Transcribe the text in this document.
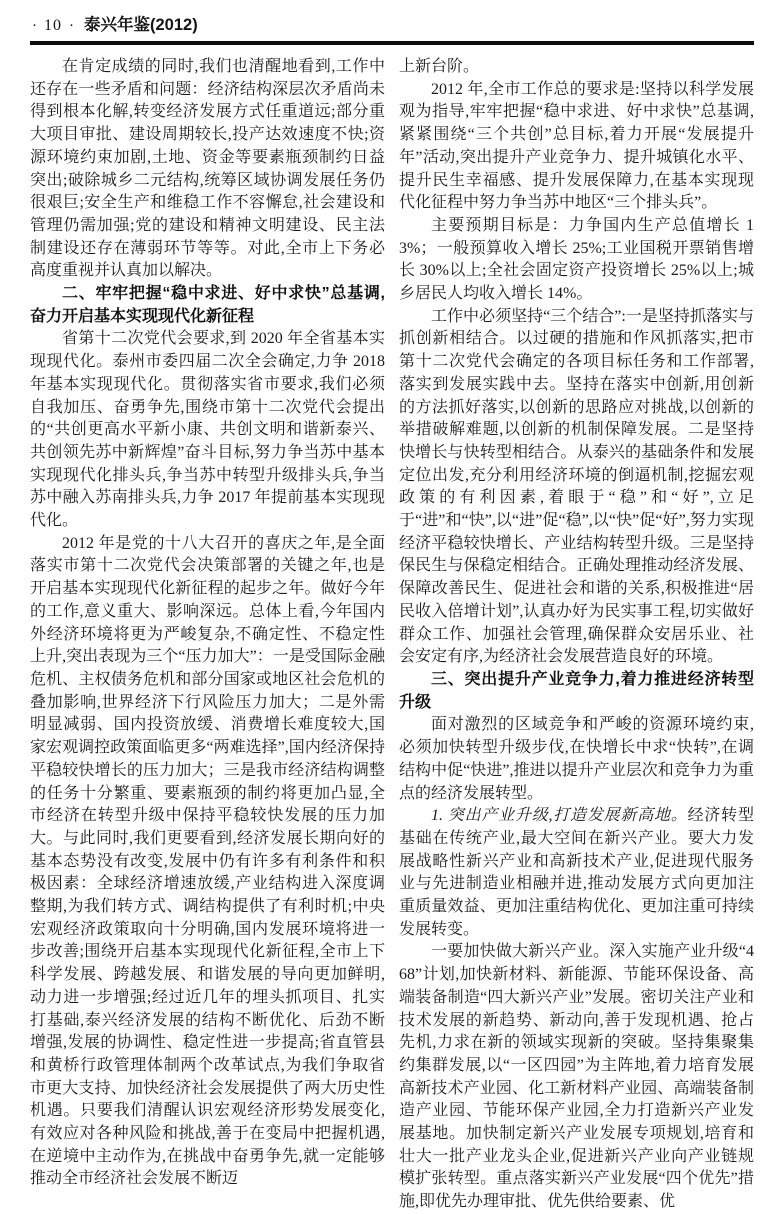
· 10 · 泰兴年鉴(2012)

在肯定成绩的同时,我们也清醒地看到,工作中还存在一些矛盾和问题：经济结构深层次矛盾尚未得到根本化解,转变经济发展方式任重道远;部分重大项目审批、建设周期较长,投产达效速度不快;资源环境约束加剧,土地、资金等要素瓶颈制约日益突出;破除城乡二元结构,统筹区域协调发展任务仍很艰巨;安全生产和维稳工作不容懈怠,社会建设和管理仍需加强;党的建设和精神文明建设、民主法制建设还存在薄弱环节等等。对此,全市上下务必高度重视并认真加以解决。

二、牢牢把握“稳中求进、好中求快”总基调,奋力开启基本实现现代化新征程

省第十二次党代会要求,到 2020 年全省基本实现现代化。泰州市委四届二次全会确定,力争 2018 年基本实现现代化。贯彻落实省市要求,我们必须自我加压、奋勇争先,围绕市第十二次党代会提出的“共创更高水平新小康、共创文明和谐新泰兴、共创领先苏中新辉煌”奋斗目标,努力争当苏中基本实现现代化排头兵,争当苏中转型升级排头兵,争当苏中融入苏南排头兵,力争 2017 年提前基本实现现代化。

2012 年是党的十八大召开的喜庆之年,是全面落实市第十二次党代会决策部署的关键之年,也是开启基本实现现代化新征程的起步之年。做好今年的工作,意义重大、影响深远。总体上看,今年国内外经济环境将更为严峻复杂,不确定性、不稳定性上升,突出表现为三个“压力加大”：一是受国际金融危机、主权债务危机和部分国家或地区社会危机的叠加影响,世界经济下行风险压力加大；二是外需明显减弱、国内投资放缓、消费增长难度较大,国家宏观调控政策面临更多“两难选择”,国内经济保持平稳较快增长的压力加大；三是我市经济结构调整的任务十分繁重、要素瓶颈的制约将更加凸显,全市经济在转型升级中保持平稳较快发展的压力加大。与此同时,我们更要看到,经济发展长期向好的基本态势没有改变,发展中仍有许多有利条件和积极因素：全球经济增速放缓,产业结构进入深度调整期,为我们转方式、调结构提供了有利时机;中央宏观经济政策取向十分明确,国内发展环境将进一步改善;围绕开启基本实现现代化新征程,全市上下科学发展、跨越发展、和谐发展的导向更加鲜明,动力进一步增强;经过近几年的埋头抓项目、扎实打基础,泰兴经济发展的结构不断优化、后劲不断增强,发展的协调性、稳定性进一步提高;省直管县和黄桥行政管理体制两个改革试点,为我们争取省市更大支持、加快经济社会发展提供了两大历史性机遇。只要我们清醒认识宏观经济形势发展变化,有效应对各种风险和挑战,善于在变局中把握机遇,在逆境中主动作为,在挑战中奋勇争先,就一定能够推动全市经济社会发展不断迈

上新台阶。

2012 年,全市工作总的要求是:坚持以科学发展观为指导,牢牢把握“稳中求进、好中求快”总基调,紧紧围绕“三个共创”总目标,着力开展“发展提升年”活动,突出提升产业竞争力、提升城镇化水平、提升民生幸福感、提升发展保障力,在基本实现现代化征程中努力争当苏中地区“三个排头兵”。

主要预期目标是：力争国内生产总值增长 13%；一般预算收入增长 25%;工业国税开票销售增长 30%以上;全社会固定资产投资增长 25%以上;城乡居民人均收入增长 14%。

工作中必须坚持“三个结合”:一是坚持抓落实与抓创新相结合。以过硬的措施和作风抓落实,把市第十二次党代会确定的各项目标任务和工作部署,落实到发展实践中去。坚持在落实中创新,用创新的方法抓好落实,以创新的思路应对挑战,以创新的举措破解难题,以创新的机制保障发展。二是坚持快增长与快转型相结合。从泰兴的基础条件和发展定位出发,充分利用经济环境的倒逼机制,挖掘宏观政策的有利因素,着眼于“稳”和“好”,立足于“进”和“快”,以“进”促“稳”,以“快”促“好”,努力实现经济平稳较快增长、产业结构转型升级。三是坚持保民生与保稳定相结合。正确处理推动经济发展、保障改善民生、促进社会和谐的关系,积极推进“居民收入倍增计划”,认真办好为民实事工程,切实做好群众工作、加强社会管理,确保群众安居乐业、社会安定有序,为经济社会发展营造良好的环境。

三、突出提升产业竞争力,着力推进经济转型升级

面对激烈的区域竞争和严峻的资源环境约束,必须加快转型升级步伐,在快增长中求“快转”,在调结构中促“快进”,推进以提升产业层次和竞争力为重点的经济发展转型。

1. 突出产业升级,打造发展新高地。经济转型基础在传统产业,最大空间在新兴产业。要大力发展战略性新兴产业和高新技术产业,促进现代服务业与先进制造业相融并进,推动发展方式向更加注重质量效益、更加注重结构优化、更加注重可持续发展转变。

一要加快做大新兴产业。深入实施产业升级“468”计划,加快新材料、新能源、节能环保设备、高端装备制造“四大新兴产业”发展。密切关注产业和技术发展的新趋势、新动向,善于发现机遇、抢占先机,力求在新的领域实现新的突破。坚持集聚集约集群发展,以“一区四园”为主阵地,着力培育发展高新技术产业园、化工新材料产业园、高端装备制造产业园、节能环保产业园,全力打造新兴产业发展基地。加快制定新兴产业发展专项规划,培育和壮大一批产业龙头企业,促进新兴产业向产业链规模扩张转型。重点落实新兴产业发展“四个优先”措施,即优先办理审批、优先供给要素、优
